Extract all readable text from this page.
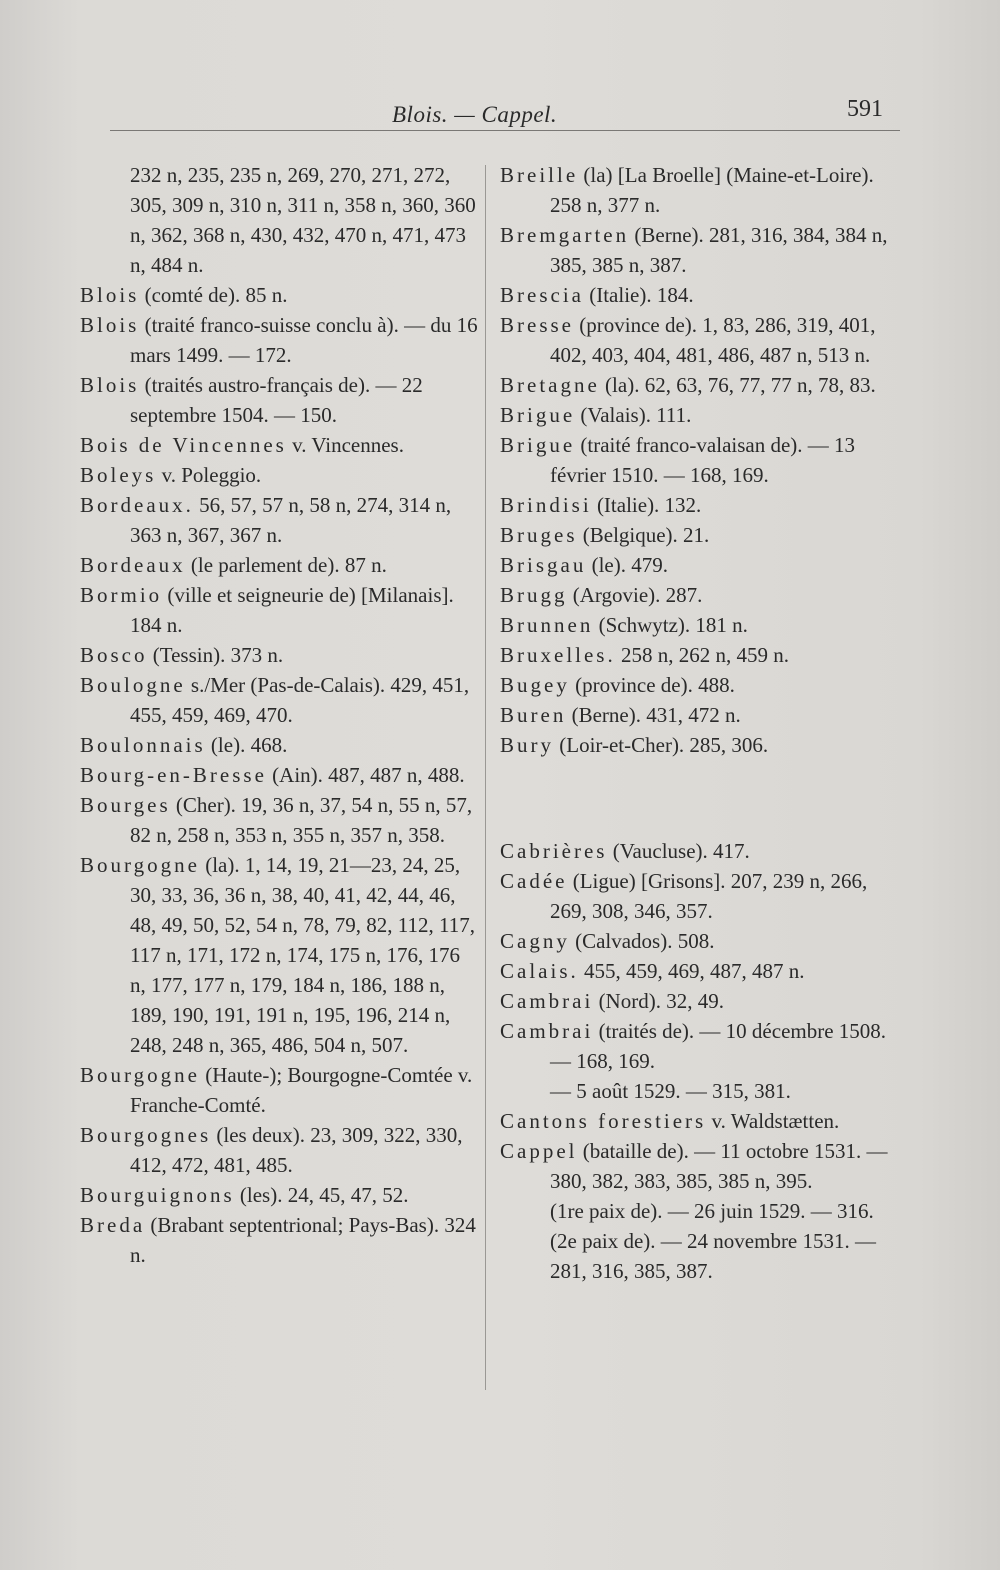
Blois. — Cappel.	591

232 n, 235, 235 n, 269, 270, 271, 272, 305, 309 n, 310 n, 311 n, 358 n, 360, 360 n, 362, 368 n, 430, 432, 470 n, 471, 473 n, 484 n.

Blois (comté de). 85 n.

Blois (traité franco-suisse conclu à). — du 16 mars 1499. — 172.

Blois (traités austro-français de). — 22 septembre 1504. — 150.

Bois de Vincennes v. Vincennes.

Boleys v. Poleggio.

Bordeaux. 56, 57, 57 n, 58 n, 274, 314 n, 363 n, 367, 367 n.

Bordeaux (le parlement de). 87 n.

Bormio (ville et seigneurie de) [Milanais]. 184 n.

Bosco (Tessin). 373 n.

Boulogne s./Mer (Pas-de-Calais). 429, 451, 455, 459, 469, 470.

Boulonnais (le). 468.

Bourg-en-Bresse (Ain). 487, 487 n, 488.

Bourges (Cher). 19, 36 n, 37, 54 n, 55 n, 57, 82 n, 258 n, 353 n, 355 n, 357 n, 358.

Bourgogne (la). 1, 14, 19, 21—23, 24, 25, 30, 33, 36, 36 n, 38, 40, 41, 42, 44, 46, 48, 49, 50, 52, 54 n, 78, 79, 82, 112, 117, 117 n, 171, 172 n, 174, 175 n, 176, 176 n, 177, 177 n, 179, 184 n, 186, 188 n, 189, 190, 191, 191 n, 195, 196, 214 n, 248, 248 n, 365, 486, 504 n, 507.

Bourgogne (Haute-); Bourgogne-Comtée v. Franche-Comté.

Bourgognes (les deux). 23, 309, 322, 330, 412, 472, 481, 485.

Bourguignons (les). 24, 45, 47, 52.

Breda (Brabant septentrional; Pays-Bas). 324 n.

Breille (la) [La Broelle] (Maine-et-Loire). 258 n, 377 n.

Bremgarten (Berne). 281, 316, 384, 384 n, 385, 385 n, 387.

Brescia (Italie). 184.

Bresse (province de). 1, 83, 286, 319, 401, 402, 403, 404, 481, 486, 487 n, 513 n.

Bretagne (la). 62, 63, 76, 77, 77 n, 78, 83.

Brigue (Valais). 111.

Brigue (traité franco-valaisan de). — 13 février 1510. — 168, 169.

Brindisi (Italie). 132.

Bruges (Belgique). 21.

Brisgau (le). 479.

Brugg (Argovie). 287.

Brunnen (Schwytz). 181 n.

Bruxelles. 258 n, 262 n, 459 n.

Bugey (province de). 488.

Buren (Berne). 431, 472 n.

Bury (Loir-et-Cher). 285, 306.

Cabrières (Vaucluse). 417.

Cadée (Ligue) [Grisons]. 207, 239 n, 266, 269, 308, 346, 357.

Cagny (Calvados). 508.

Calais. 455, 459, 469, 487, 487 n.

Cambrai (Nord). 32, 49.

Cambrai (traités de). — 10 décembre 1508. — 168, 169.

— 5 août 1529. — 315, 381.

Cantons forestiers v. Waldstætten.

Cappel (bataille de). — 11 octobre 1531. — 380, 382, 383, 385, 385 n, 395.

(1re paix de). — 26 juin 1529. — 316.

(2e paix de). — 24 novembre 1531. — 281, 316, 385, 387.
